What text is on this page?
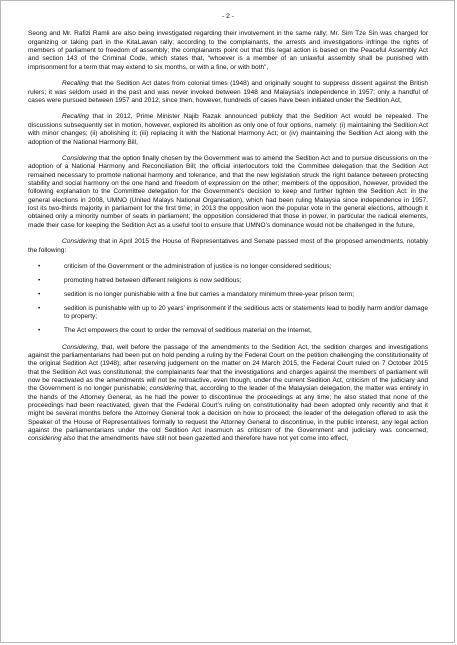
- 2 -

Seong and Mr. Rafizi Ramli are also being investigated regarding their involvement in the same rally; Mr. Sim Tze Sin was charged for organizing or taking part in the KitaLawan rally; according to the complainants, the arrests and investigations infringe the rights of members of parliament to freedom of assembly; the complainants point out that this legal action is based on the Peaceful Assembly Act and section 143 of the Criminal Code, which states that, “whoever is a member of an unlawful assembly shall be punished with imprisonment for a term that may extend to six months, or with a fine, or with both”,

Recalling that the Sedition Act dates from colonial times (1948) and originally sought to suppress dissent against the British rulers; it was seldom used in the past and was never invoked between 1948 and Malaysia’s independence in 1957; only a handful of cases were pursued between 1957 and 2012; since then, however, hundreds of cases have been initiated under the Sedition Act,

Recalling that in 2012, Prime Minister Najib Razak announced publicly that the Sedition Act would be repealed. The discussions subsequently set in motion, however, explored its abolition as only one of four options, namely: (i) maintaining the Sedition Act with minor changes; (ii) abolishing it; (iii) replacing it with the National Harmony Act; or (iv) maintaining the Sedition Act along with the adoption of the National Harmony Bill,

Considering that the option finally chosen by the Government was to amend the Sedition Act and to pursue discussions on the adoption of a National Harmony and Reconciliation Bill; the official interlocutors told the Committee delegation that the Sedition Act remained necessary to promote national harmony and tolerance, and that the new legislation struck the right balance between protecting stability and social harmony on the one hand and freedom of expression on the other; members of the opposition, however, provided the following explanation to the Committee delegation for the Government’s decision to keep and further tighten the Sedition Act: in the general elections in 2008, UMNO (United Malays National Organisation), which had been ruling Malaysia since independence in 1957, lost its two-thirds majority in parliament for the first time; in 2013 the opposition won the popular vote in the general elections, although it obtained only a minority number of seats in parliament; the opposition considered that those in power, in particular the radical elements, made their case for keeping the Sedition Act as a useful tool to ensure that UMNO’s dominance would not be challenged in the future,

Considering that in April 2015 the House of Representatives and Senate passed most of the proposed amendments, notably the following:

•	criticism of the Government or the administration of justice is no longer considered seditious;
•	promoting hatred between different religions is now seditious;
•	sedition is no longer punishable with a fine but carries a mandatory minimum three-year prison term;
•	sedition is punishable with up to 20 years’ imprisonment if the seditious acts or statements lead to bodily harm and/or damage to property;
•	The Act empowers the court to order the removal of seditious material on the Internet,

Considering, that, well before the passage of the amendments to the Sedition Act, the sedition charges and investigations against the parliamentarians had been put on hold pending a ruling by the Federal Court on the petition challenging the constitutionality of the original Sedition Act (1948); after reserving judgement on the matter on 24 March 2015, the Federal Court ruled on 7 October 2015 that the Sedition Act was constitutional; the complainants fear that the investigations and charges against the members of parliament will now be reactivated as the amendments will not be retroactive, even though, under the current Sedition Act, criticism of the judiciary and the Government is no longer punishable; considering that, according to the leader of the Malaysian delegation, the matter was entirely in the hands of the Attorney General, as he had the power to discontinue the proceedings at any time; he also stated that none of the proceedings had been reactivated, given that the Federal Court’s ruling on constitutionality had been adopted only recently and that it might be several months before the Attorney General took a decision on how to proceed; the leader of the delegation offered to ask the Speaker of the House of Representatives formally to request the Attorney General to discontinue, in the public interest, any legal action against the parliamentarians under the old Sedition Act inasmuch as criticism of the Government and judiciary was concerned; considering also that the amendments have still not been gazetted and therefore have not yet come into effect,
